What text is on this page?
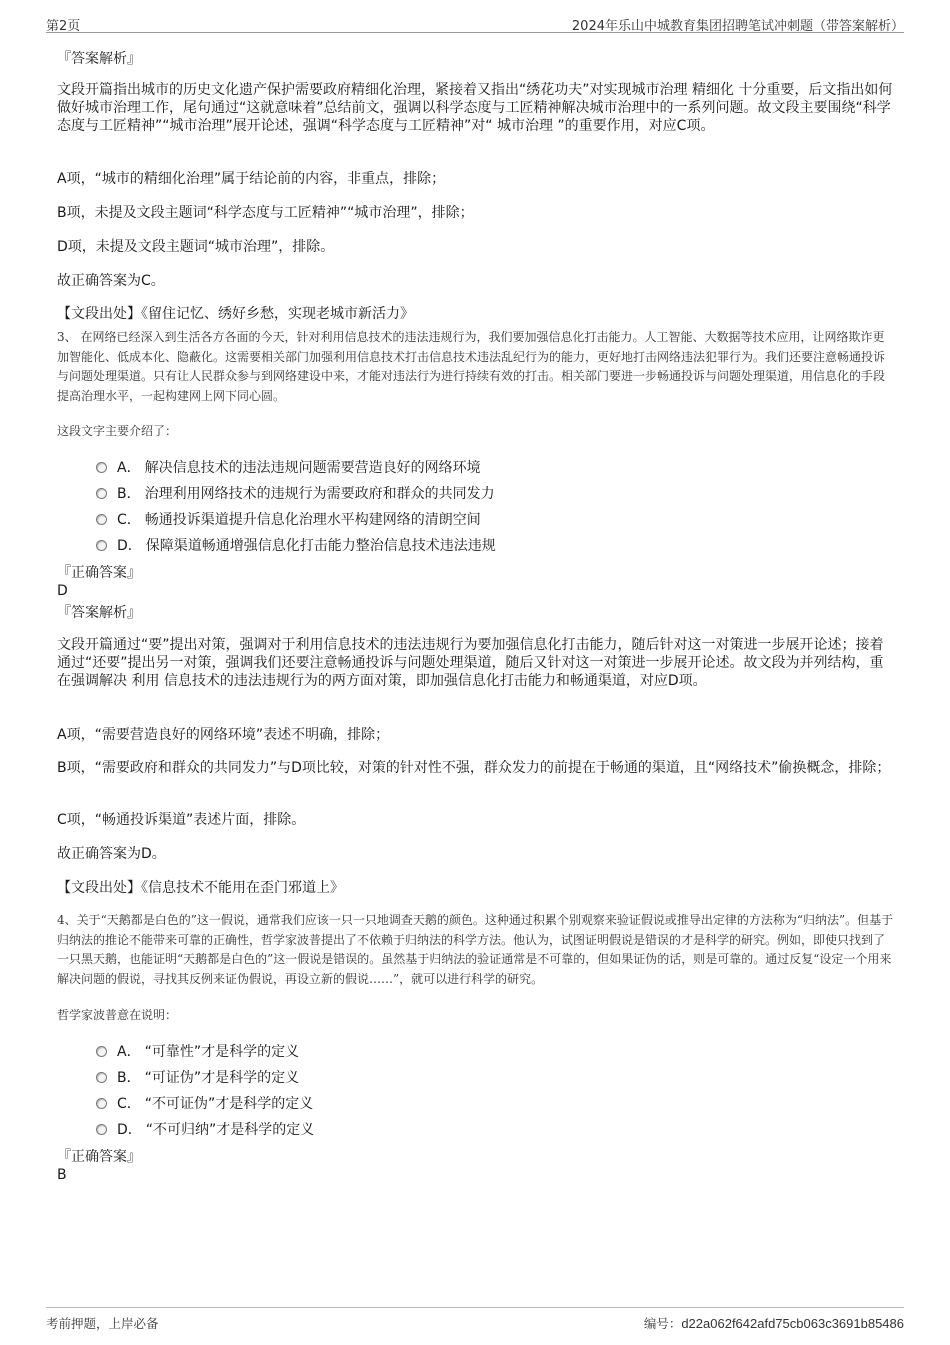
第2页	2024年乐山中城教育集团招聘笔试冲刺题（带答案解析）
『答案解析』

文段开篇指出城市的历史文化遗产保护需要政府精细化治理，紧接着又指出“绣花功夫”对实现城市治理 精细化 十分重要，后文指出如何做好城市治理工作，尾句通过“这就意味着”总结前文，强调以科学态度与工匠精神解决城市治理中的一系列问题。故文段主要围绕“科学态度与工匠精神”“城市治理”展开论述，强调“科学态度与工匠精神”对“ 城市治理 ”的重要作用，对应C项。

A项，“城市的精细化治理”属于结论前的内容，非重点，排除；

B项，未提及文段主题词“科学态度与工匠精神”“城市治理”，排除；

D项，未提及文段主题词“城市治理”，排除。

故正确答案为C。

【文段出处】《留住记忆、绣好乡愁，实现老城市新活力》

3、 在网络已经深入到生活各方各面的今天，针对利用信息技术的违法违规行为，我们要加强信息化打击能力。人工智能、大数据等技术应用，让网络欺诈更加智能化、低成本化、隐蔽化。这需要相关部门加强利用信息技术打击信息技术违法乱纪行为的能力，更好地打击网络违法犯罪行为。我们还要注意畅通投诉与问题处理渠道。只有让人民群众参与到网络建设中来，才能对违法行为进行持续有效的打击。相关部门要进一步畅通投诉与问题处理渠道，用信息化的手段提高治理水平，一起构建网上网下同心圆。

这段文字主要介绍了：

A． 解决信息技术的违法违规问题需要营造良好的网络环境
B． 治理利用网络技术的违规行为需要政府和群众的共同发力
C． 畅通投诉渠道提升信息化治理水平构建网络的清朗空间
D． 保障渠道畅通增强信息化打击能力整治信息技术违法违规
『正确答案』
D
『答案解析』

文段开篇通过“要”提出对策，强调对于利用信息技术的违法违规行为要加强信息化打击能力，随后针对这一对策进一步展开论述；接着通过“还要”提出另一对策，强调我们还要注意畅通投诉与问题处理渠道，随后又针对这一对策进一步展开论述。故文段为并列结构，重在强调解决 利用 信息技术的违法违规行为的两方面对策，即加强信息化打击能力和畅通渠道，对应D项。

A项，“需要营造良好的网络环境”表述不明确，排除；

B项，“需要政府和群众的共同发力”与D项比较，对策的针对性不强，群众发力的前提在于畅通的渠道，且“网络技术”偷换概念，排除；

C项，“畅通投诉渠道”表述片面，排除。

故正确答案为D。

【文段出处】《信息技术不能用在歪门邪道上》

4、关于“天鹅都是白色的”这一假说，通常我们应该一只一只地调查天鹅的颜色。这种通过积累个别观察来验证假说或推导出定律的方法称为“归纳法”。但基于归纳法的推论不能带来可靠的正确性，哲学家波普提出了不依赖于归纳法的科学方法。他认为，试图证明假说是错误的才是科学的研究。例如，即使只找到了一只黑天鹅，也能证明“天鹅都是白色的”这一假说是错误的。虽然基于归纳法的验证通常是不可靠的，但如果证伪的话，则是可靠的。通过反复“设定一个用来解决问题的假说，寻找其反例来证伪假说，再设立新的假说……”，就可以进行科学的研究。

哲学家波普意在说明：

A． “可靠性”才是科学的定义
B． “可证伪”才是科学的定义
C． “不可证伪”才是科学的定义
D． “不可归纳”才是科学的定义
『正确答案』
B
考前押题，上岸必备	编号：d22a062f642afd75cb063c3691b85486
